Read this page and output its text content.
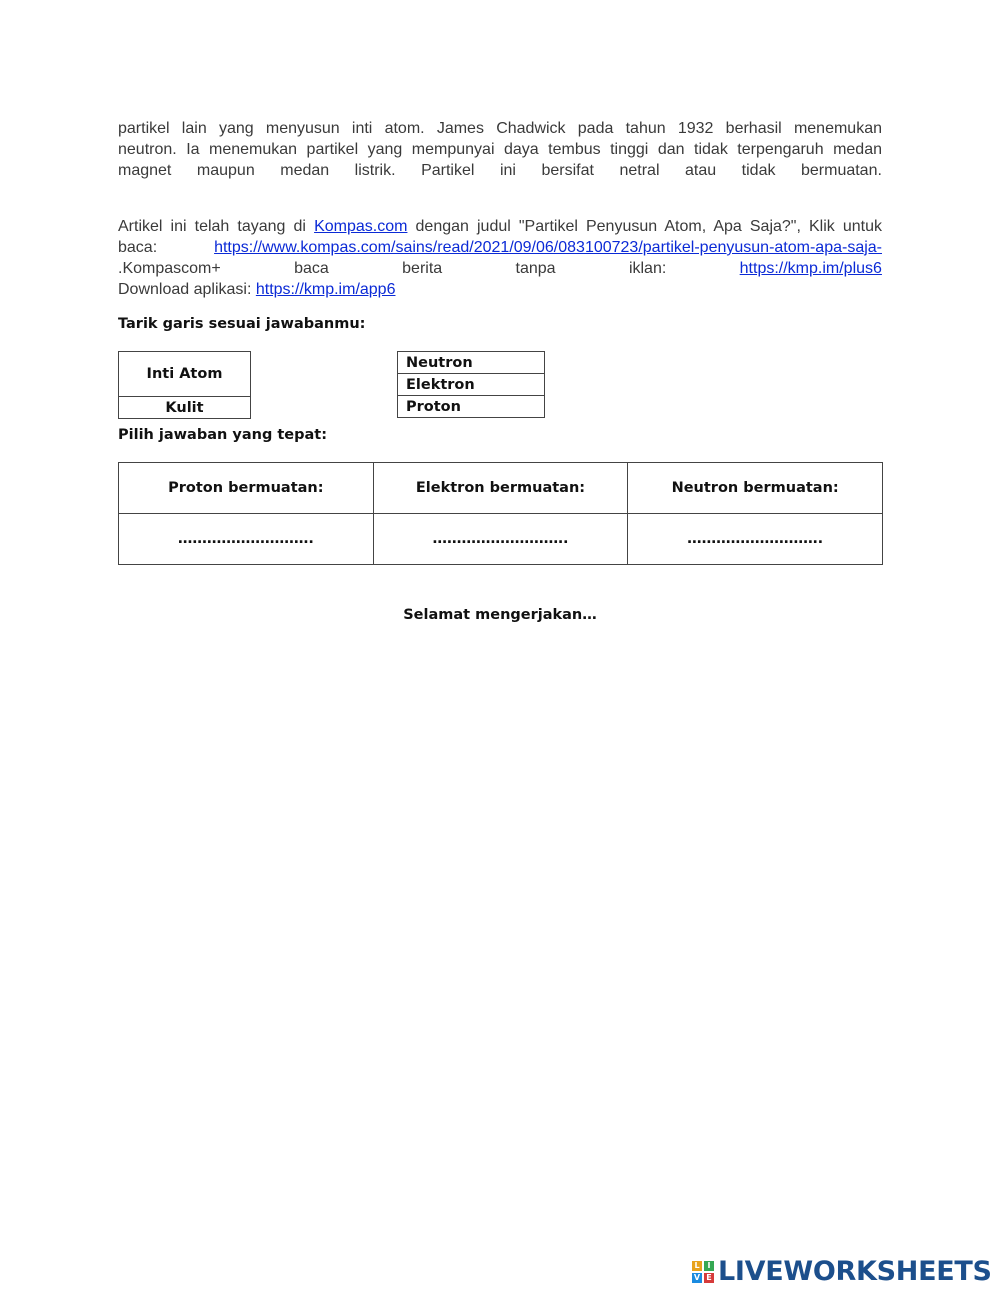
partikel lain yang menyusun inti atom. James Chadwick pada tahun 1932 berhasil menemukan
neutron. Ia menemukan partikel yang mempunyai daya tembus tinggi dan tidak terpengaruh medan
magnet maupun medan listrik. Partikel ini bersifat netral atau tidak bermuatan.
Artikel ini telah tayang di Kompas.com dengan judul "Partikel Penyusun Atom, Apa Saja?", Klik untuk
baca: https://www.kompas.com/sains/read/2021/09/06/083100723/partikel-penyusun-atom-apa-saja-
.Kompascom+	baca	berita	tanpa	iklan:	https://kmp.im/plus6
Download aplikasi: https://kmp.im/app6
Tarik garis sesuai jawabanmu:
Inti Atom
Kulit
Neutron
Elektron
Proton
Pilih jawaban yang tepat:
Proton bermuatan:	Elektron bermuatan:	Neutron bermuatan:
……………………….	……………………….	……………………….
Selamat mengerjakan…
L I
V E LIVEWORKSHEETS
